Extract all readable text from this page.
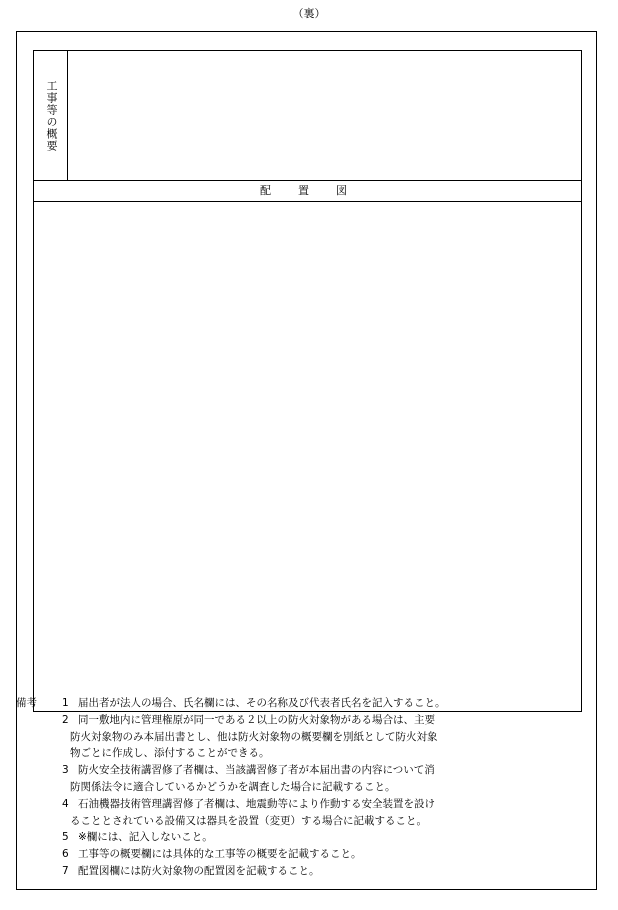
（裏）
工事等の概要
配　置　図
備考 1 届出者が法人の場合、氏名欄には、その名称及び代表者氏名を記入すること。
2 同一敷地内に管理権原が同一である２以上の防火対象物がある場合は、主要
防火対象物のみ本届出書とし、他は防火対象物の概要欄を別紙として防火対象
物ごとに作成し、添付することができる。
3 防火安全技術講習修了者欄は、当該講習修了者が本届出書の内容について消
防関係法令に適合しているかどうかを調査した場合に記載すること。
4 石油機器技術管理講習修了者欄は、地震動等により作動する安全装置を設け
ることとされている設備又は器具を設置（変更）する場合に記載すること。
5 ※欄には、記入しないこと。
6 工事等の概要欄には具体的な工事等の概要を記載すること。
7 配置図欄には防火対象物の配置図を記載すること。
